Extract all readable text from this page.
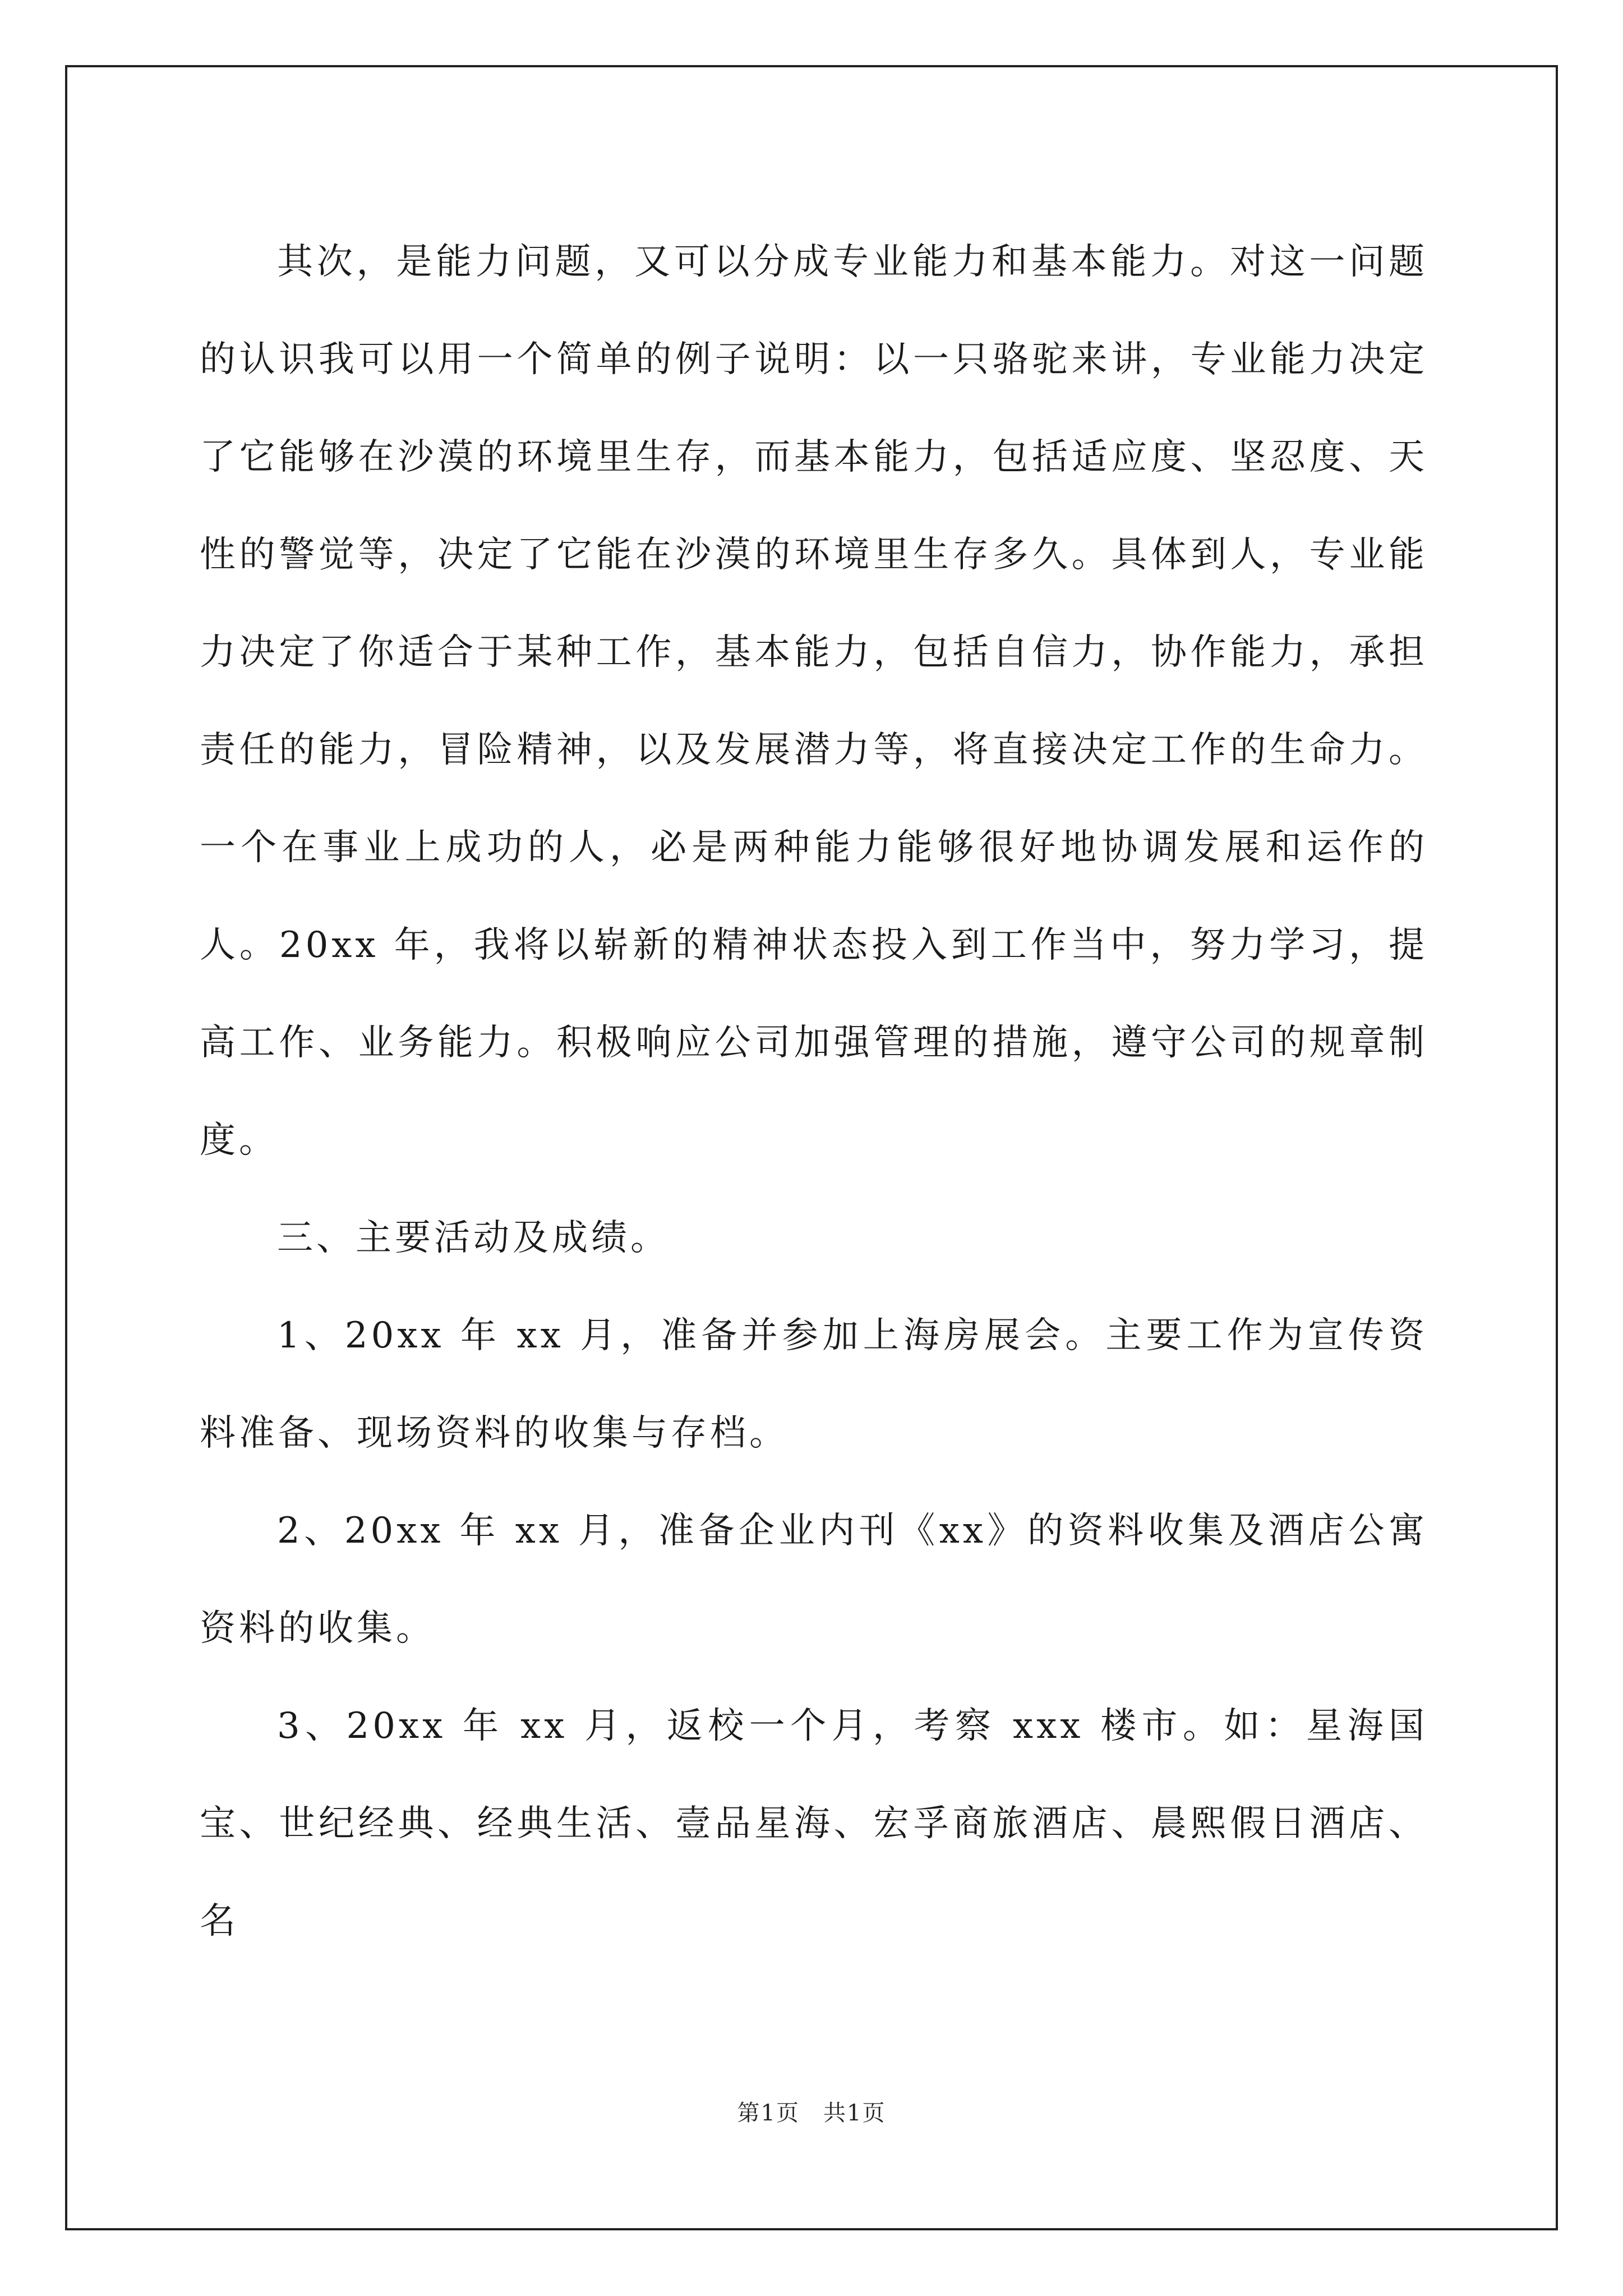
其次，是能力问题，又可以分成专业能力和基本能力。对这一问题的认识我可以用一个简单的例子说明：以一只骆驼来讲，专业能力决定了它能够在沙漠的环境里生存，而基本能力，包括适应度、坚忍度、天性的警觉等，决定了它能在沙漠的环境里生存多久。具体到人，专业能力决定了你适合于某种工作，基本能力，包括自信力，协作能力，承担责任的能力，冒险精神，以及发展潜力等，将直接决定工作的生命力。一个在事业上成功的人，必是两种能力能够很好地协调发展和运作的人。20xx 年，我将以崭新的精神状态投入到工作当中，努力学习，提高工作、业务能力。积极响应公司加强管理的措施，遵守公司的规章制度。

三、主要活动及成绩。

1、20xx 年 xx 月，准备并参加上海房展会。主要工作为宣传资料准备、现场资料的收集与存档。

2、20xx 年 xx 月，准备企业内刊《xx》的资料收集及酒店公寓资料的收集。

3、20xx 年 xx 月，返校一个月，考察 xxx 楼市。如：星海国宝、世纪经典、经典生活、壹品星海、宏孚商旅酒店、晨熙假日酒店、名

第1页　共1页
